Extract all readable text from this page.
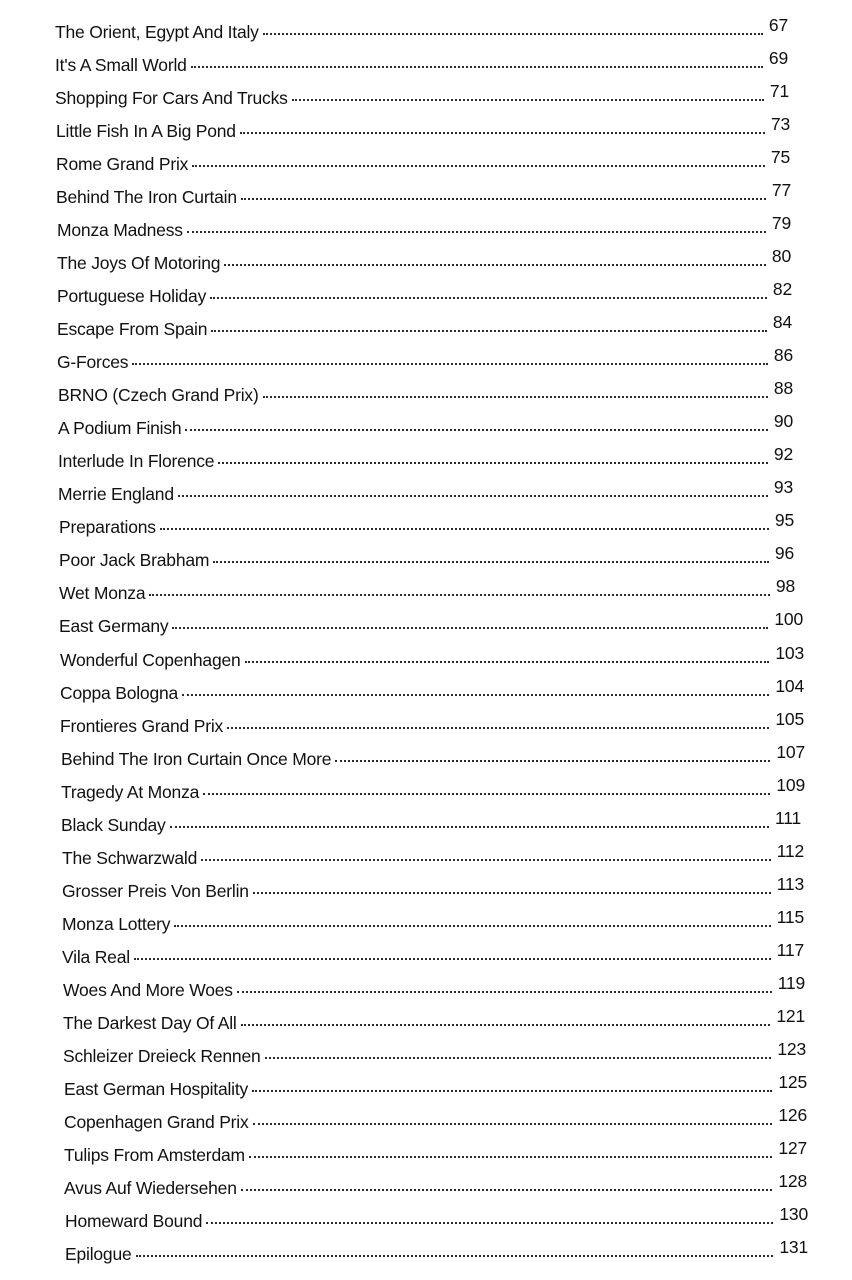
The Orient, Egypt And Italy	67
It's A Small World	69
Shopping For Cars And Trucks	71
Little Fish In A Big Pond	73
Rome Grand Prix	75
Behind The Iron Curtain	77
Monza Madness	79
The Joys Of Motoring	80
Portuguese Holiday	82
Escape From Spain	84
G-Forces	86
BRNO (Czech Grand Prix)	88
A Podium Finish	90
Interlude In Florence	92
Merrie England	93
Preparations	95
Poor Jack Brabham	96
Wet Monza	98
East Germany	100
Wonderful Copenhagen	103
Coppa Bologna	104
Frontieres Grand Prix	105
Behind The Iron Curtain Once More	107
Tragedy At Monza	109
Black Sunday	111
The Schwarzwald	112
Grosser Preis Von Berlin	113
Monza Lottery	115
Vila Real	117
Woes And More Woes	119
The Darkest Day Of All	121
Schleizer Dreieck Rennen	123
East German Hospitality	125
Copenhagen Grand Prix	126
Tulips From Amsterdam	127
Avus Auf Wiedersehen	128
Homeward Bound	130
Epilogue	131
